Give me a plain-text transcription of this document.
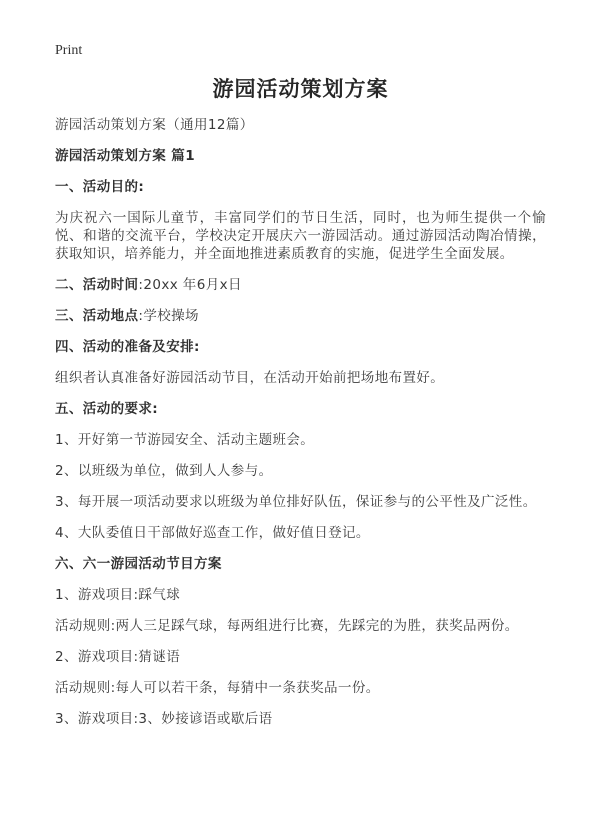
Print
游园活动策划方案

游园活动策划方案（通用12篇）

游园活动策划方案 篇1

一、活动目的:

为庆祝六一国际儿童节，丰富同学们的节日生活，同时，也为师生提供一个愉悦、和谐的交流平台，学校决定开展庆六一游园活动。通过游园活动陶冶情操，获取知识，培养能力，并全面地推进素质教育的实施，促进学生全面发展。

二、活动时间:20xx 年6月x日

三、活动地点:学校操场

四、活动的准备及安排:

组织者认真准备好游园活动节目，在活动开始前把场地布置好。

五、活动的要求:

1、开好第一节游园安全、活动主题班会。

2、以班级为单位，做到人人参与。

3、每开展一项活动要求以班级为单位排好队伍，保证参与的公平性及广泛性。

4、大队委值日干部做好巡查工作，做好值日登记。

六、六一游园活动节目方案

1、游戏项目:踩气球

活动规则:两人三足踩气球，每两组进行比赛，先踩完的为胜，获奖品两份。

2、游戏项目:猜谜语

活动规则:每人可以若干条，每猜中一条获奖品一份。

3、游戏项目:3、妙接谚语或歇后语
